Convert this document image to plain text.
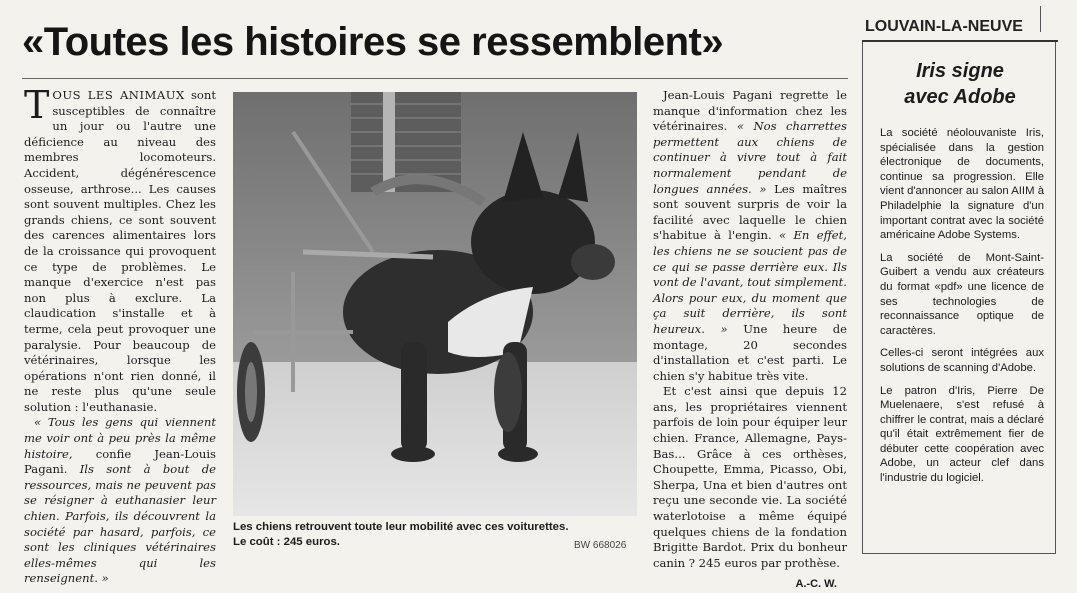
«Toutes les histoires se ressemblent»

TOUS LES ANIMAUX sont susceptibles de connaître un jour ou l'autre une déficience au niveau des membres locomoteurs. Accident, dégénérescence osseuse, arthrose... Les causes sont souvent multiples. Chez les grands chiens, ce sont souvent des carences alimentaires lors de la croissance qui provoquent ce type de problèmes. Le manque d'exercice n'est pas non plus à exclure. La claudication s'installe et à terme, cela peut provoquer une paralysie. Pour beaucoup de vétérinaires, lorsque les opérations n'ont rien donné, il ne reste plus qu'une seule solution : l'euthanasie.

« Tous les gens qui viennent me voir ont à peu près la même histoire, confie Jean-Louis Pagani. Ils sont à bout de ressources, mais ne peuvent pas se résigner à euthanasier leur chien. Parfois, ils découvrent la société par hasard, parfois, ce sont les cliniques vétérinaires elles-mêmes qui les renseignent. »

Les chiens retrouvent toute leur mobilité avec ces voiturettes.
Le coût : 245 euros.	BW 668026

Jean-Louis Pagani regrette le manque d'information chez les vétérinaires. « Nos charrettes permettent aux chiens de continuer à vivre tout à fait normalement pendant de longues années. » Les maîtres sont souvent surpris de voir la facilité avec laquelle le chien s'habitue à l'engin. « En effet, les chiens ne se soucient pas de ce qui se passe derrière eux. Ils vont de l'avant, tout simplement. Alors pour eux, du moment que ça suit derrière, ils sont heureux. » Une heure de montage, 20 secondes d'installation et c'est parti. Le chien s'y habitue très vite.

Et c'est ainsi que depuis 12 ans, les propriétaires viennent parfois de loin pour équiper leur chien. France, Allemagne, Pays-Bas... Grâce à ces orthèses, Choupette, Emma, Picasso, Obi, Sherpa, Una et bien d'autres ont reçu une seconde vie. La société waterlotoise a même équipé quelques chiens de la fondation Brigitte Bardot. Prix du bonheur canin ? 245 euros par prothèse.

A.-C. W.
LOUVAIN-LA-NEUVE
Iris signe
avec Adobe

La société néolouvaniste Iris, spécialisée dans la gestion électronique de documents, continue sa progression. Elle vient d'annoncer au salon AIIM à Philadelphie la signature d'un important contrat avec la société américaine Adobe Systems.

La société de Mont-Saint-Guibert a vendu aux créateurs du format «pdf» une licence de ses technologies de reconnaissance optique de caractères.

Celles-ci seront intégrées aux solutions de scanning d'Adobe.

Le patron d'Iris, Pierre De Muelenaere, s'est refusé à chiffrer le contrat, mais a déclaré qu'il était extrêmement fier de débuter cette coopération avec Adobe, un acteur clef dans l'industrie du logiciel.
